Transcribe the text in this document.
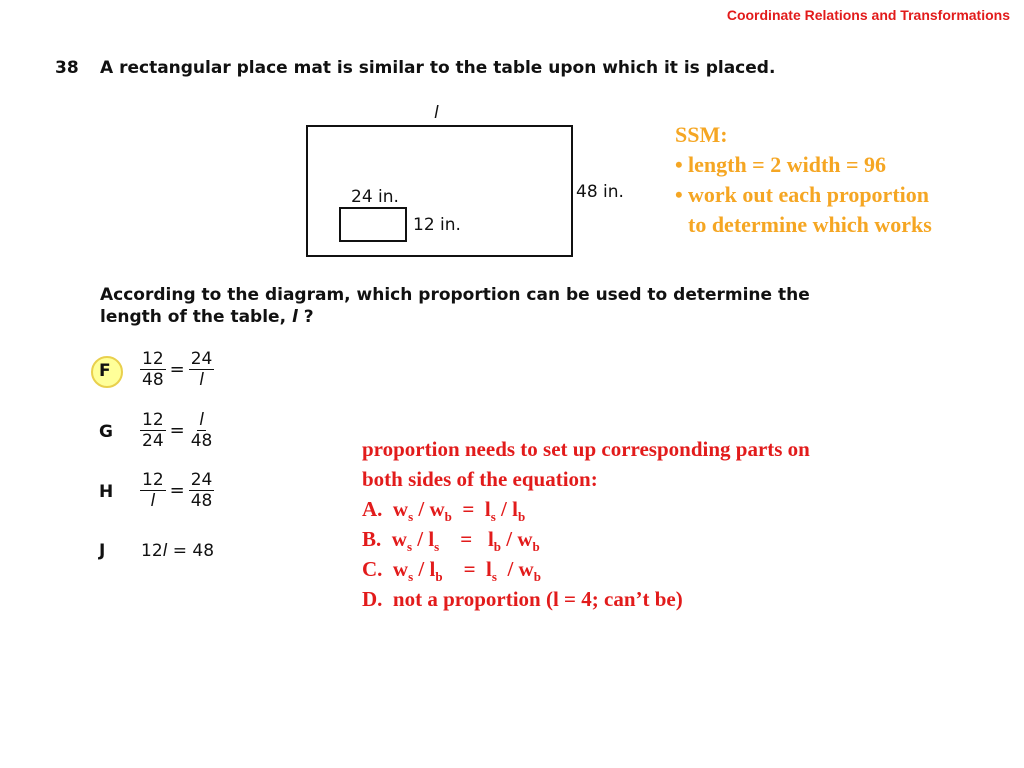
Coordinate Relations and Transformations
38 A rectangular place mat is similar to the table upon which it is placed.
l
48 in.
24 in.
12 in.
According to the diagram, which proportion can be used to determine the length of the table, l ?
F $\frac{12}{48} = \frac{24}{l}$
G $\frac{12}{24} = \frac{l}{48}$
H $\frac{12}{l} = \frac{24}{48}$
J 12l = 48
SSM:
• length = 2 width = 96
• work out each proportion
to determine which works
proportion needs to set up corresponding parts on
both sides of the equation:
A.  $w_s / w_b = l_s / l_b$
B.  $w_s / l_s$    =   $l_b / w_b$
C.  $w_s / l_b$    =  $l_s / w_b$
D.  not a proportion (l = 4; can’t be)
